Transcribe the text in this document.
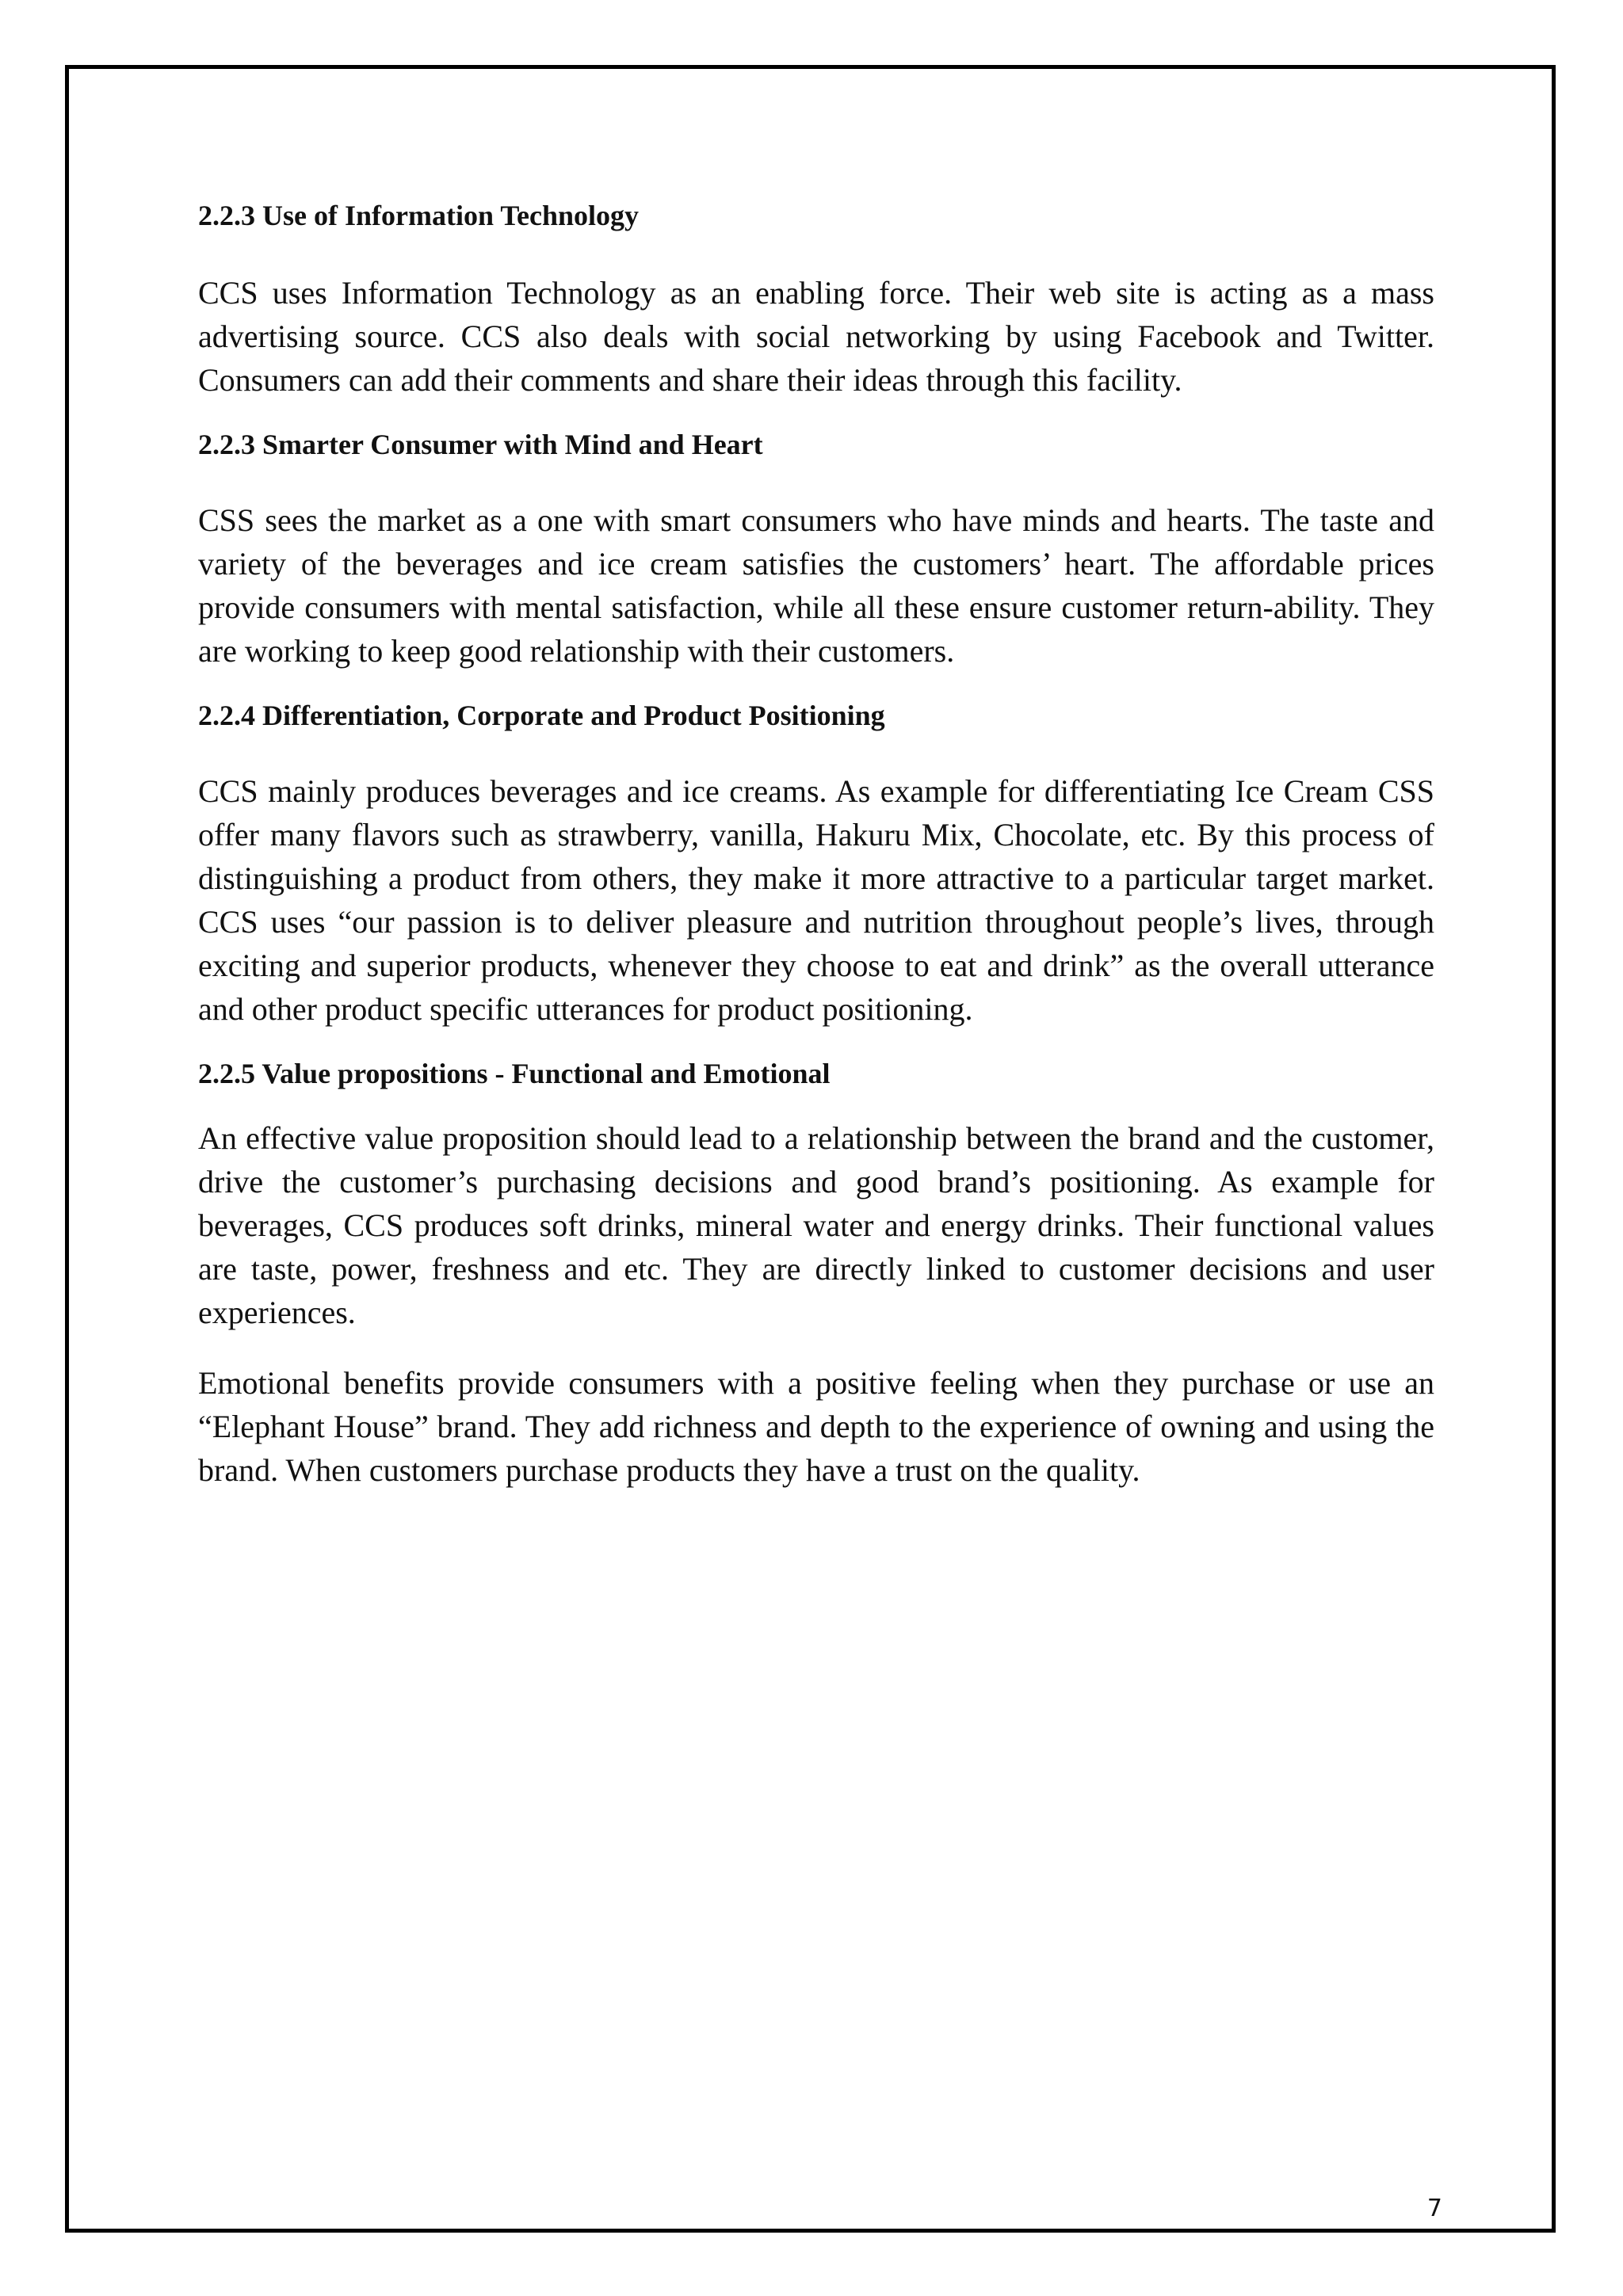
2.2.3 Use of Information Technology

CCS uses Information Technology as an enabling force. Their web site is acting as a mass advertising source. CCS also deals with social networking by using Facebook and Twitter. Consumers can add their comments and share their ideas through this facility.

2.2.3 Smarter Consumer with Mind and Heart

CSS sees the market as a one with smart consumers who have minds and hearts. The taste and variety of the beverages and ice cream satisfies the customers’ heart. The affordable prices provide consumers with mental satisfaction, while all these ensure customer return-ability. They are working to keep good relationship with their customers.

2.2.4 Differentiation, Corporate and Product Positioning

CCS mainly produces beverages and ice creams. As example for differentiating Ice Cream CSS offer many flavors such as strawberry, vanilla, Hakuru Mix, Chocolate, etc. By this process of distinguishing a product from others, they make it more attractive to a particular target market. CCS uses “our passion is to deliver pleasure and nutrition throughout people’s lives, through exciting and superior products, whenever they choose to eat and drink” as the overall utterance and other product specific utterances for product positioning.

2.2.5 Value propositions - Functional and Emotional

An effective value proposition should lead to a relationship between the brand and the customer, drive the customer’s purchasing decisions and good brand’s positioning. As example for beverages, CCS produces soft drinks, mineral water and energy drinks. Their functional values are taste, power, freshness and etc. They are directly linked to customer decisions and user experiences.

Emotional benefits provide consumers with a positive feeling when they purchase or use an “Elephant House” brand. They add richness and depth to the experience of owning and using the brand. When customers purchase products they have a trust on the quality.

7
